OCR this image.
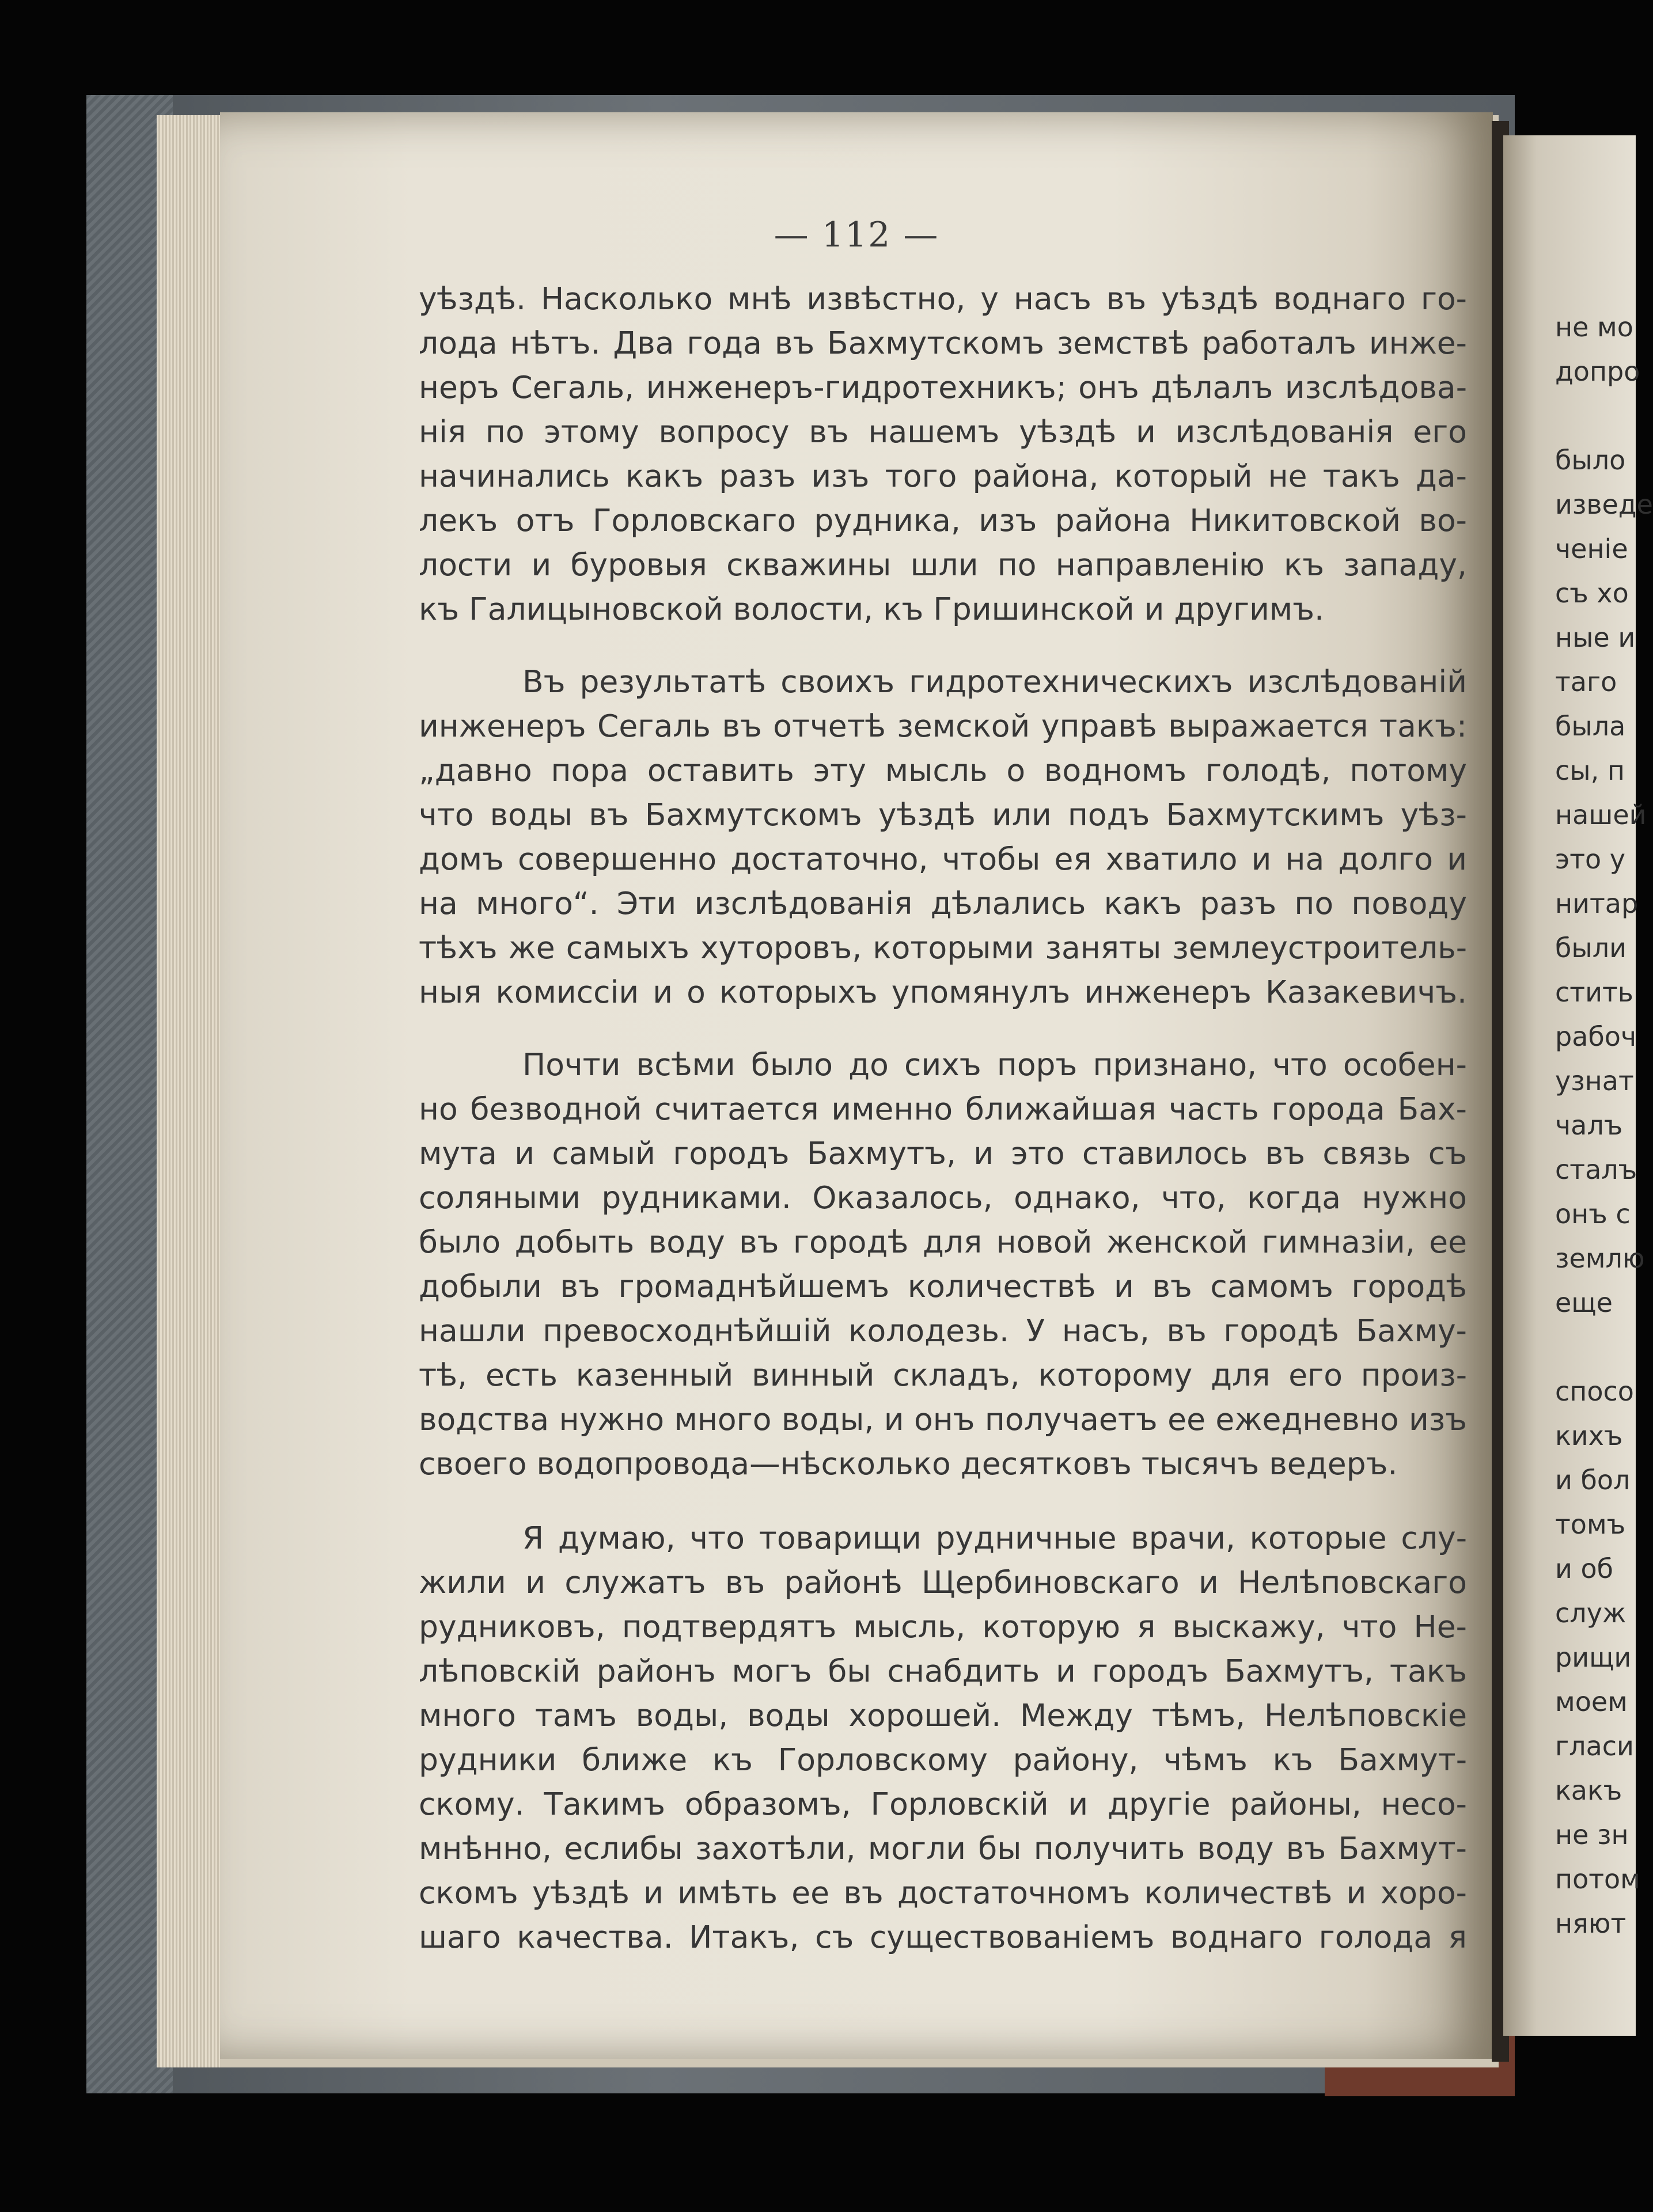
— 112 —
уѣздѣ. Насколько мнѣ извѣстно, у насъ въ уѣздѣ воднаго го-
лода нѣтъ. Два года въ Бахмутскомъ земствѣ работалъ инже-
неръ Сегаль, инженеръ-гидротехникъ; онъ дѣлалъ изслѣдова-
нія по этому вопросу въ нашемъ уѣздѣ и изслѣдованія его
начинались какъ разъ изъ того района, который не такъ да-
лекъ отъ Горловскаго рудника, изъ района Никитовской во-
лости и буровыя скважины шли по направленію къ западу,
къ Галицыновской волости, къ Гришинской и другимъ.
Въ результатѣ своихъ гидротехническихъ изслѣдованій
инженеръ Сегаль въ отчетѣ земской управѣ выражается такъ:
„давно пора оставить эту мысль о водномъ голодѣ, потому
что воды въ Бахмутскомъ уѣздѣ или подъ Бахмутскимъ уѣз-
домъ совершенно достаточно, чтобы ея хватило и на долго и
на много“. Эти изслѣдованія дѣлались какъ разъ по поводу
тѣхъ же самыхъ хуторовъ, которыми заняты землеустроитель-
ныя комиссіи и о которыхъ упомянулъ инженеръ Казакевичъ.
Почти всѣми было до сихъ поръ признано, что особен-
но безводной считается именно ближайшая часть города Бах-
мута и самый городъ Бахмутъ, и это ставилось въ связь съ
соляными рудниками. Оказалось, однако, что, когда нужно
было добыть воду въ городѣ для новой женской гимназіи, ее
добыли въ громаднѣйшемъ количествѣ и въ самомъ городѣ
нашли превосходнѣйшій колодезь. У насъ, въ городѣ Бахму-
тѣ, есть казенный винный складъ, которому для его произ-
водства нужно много воды, и онъ получаетъ ее ежедневно изъ
своего водопровода—нѣсколько десятковъ тысячъ ведеръ.
Я думаю, что товарищи рудничные врачи, которые слу-
жили и служатъ въ районѣ Щербиновскаго и Нелѣповскаго
рудниковъ, подтвердятъ мысль, которую я выскажу, что Не-
лѣповскій районъ могъ бы снабдить и городъ Бахмутъ, такъ
много тамъ воды, воды хорошей. Между тѣмъ, Нелѣповскіе
рудники ближе къ Горловскому району, чѣмъ къ Бахмут-
скому. Такимъ образомъ, Горловскій и другіе районы, несо-
мнѣнно, еслибы захотѣли, могли бы получить воду въ Бахмут-
скомъ уѣздѣ и имѣть ее въ достаточномъ количествѣ и хоро-
шаго качества. Итакъ, съ существованіемъ воднаго голода я
не мо
допро
было
изведе
ченіе
съ хо
ные и
таго
была
сы, п
нашей
это у
нитар
были
стить
рабоч
узнат
чалъ
сталъ
онъ с
землю
еще
спосо
кихъ
и бол
томъ
и об
служ
рищи
моем
гласи
какъ
не зн
потом
няют
